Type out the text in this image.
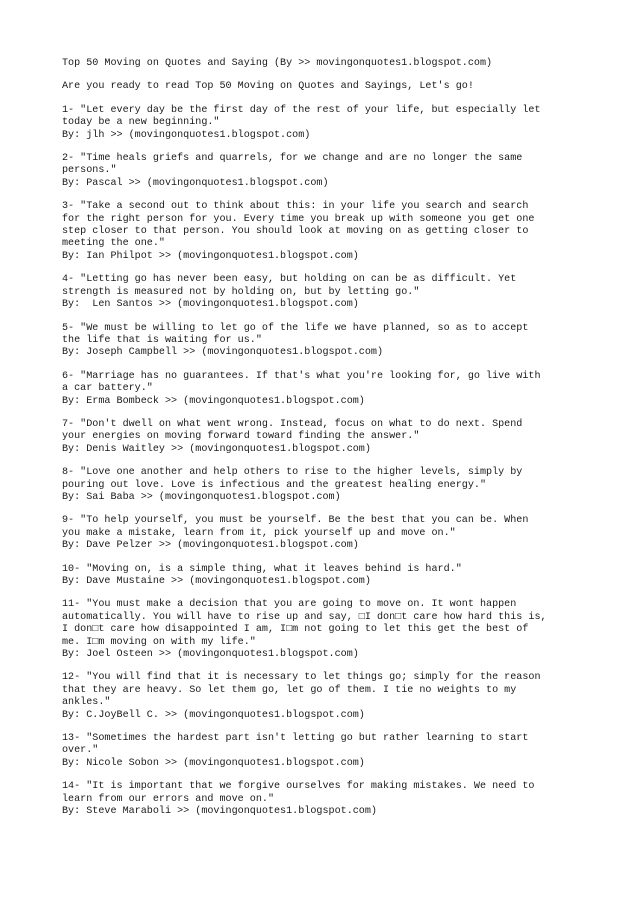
Top 50 Moving on Quotes and Saying (By >> movingonquotes1.blogspot.com)

Are you ready to read Top 50 Moving on Quotes and Sayings, Let's go!

1- "Let every day be the first day of the rest of your life, but especially let
today be a new beginning."
By: jlh >> (movingonquotes1.blogspot.com)
2- "Time heals griefs and quarrels, for we change and are no longer the same
persons."
By: Pascal >> (movingonquotes1.blogspot.com)
3- "Take a second out to think about this: in your life you search and search
for the right person for you. Every time you break up with someone you get one
step closer to that person. You should look at moving on as getting closer to
meeting the one."
By: Ian Philpot >> (movingonquotes1.blogspot.com)
4- "Letting go has never been easy, but holding on can be as difficult. Yet
strength is measured not by holding on, but by letting go."
By:  Len Santos >> (movingonquotes1.blogspot.com)
5- "We must be willing to let go of the life we have planned, so as to accept
the life that is waiting for us."
By: Joseph Campbell >> (movingonquotes1.blogspot.com)
6- "Marriage has no guarantees. If that's what you're looking for, go live with
a car battery."
By: Erma Bombeck >> (movingonquotes1.blogspot.com)
7- "Don't dwell on what went wrong. Instead, focus on what to do next. Spend
your energies on moving forward toward finding the answer."
By: Denis Waitley >> (movingonquotes1.blogspot.com)
8- "Love one another and help others to rise to the higher levels, simply by
pouring out love. Love is infectious and the greatest healing energy."
By: Sai Baba >> (movingonquotes1.blogspot.com)
9- "To help yourself, you must be yourself. Be the best that you can be. When
you make a mistake, learn from it, pick yourself up and move on."
By: Dave Pelzer >> (movingonquotes1.blogspot.com)
10- "Moving on, is a simple thing, what it leaves behind is hard."
By: Dave Mustaine >> (movingonquotes1.blogspot.com)
11- "You must make a decision that you are going to move on. It wont happen
automatically. You will have to rise up and say, □I don□t care how hard this is,
I don□t care how disappointed I am, I□m not going to let this get the best of
me. I□m moving on with my life."
By: Joel Osteen >> (movingonquotes1.blogspot.com)
12- "You will find that it is necessary to let things go; simply for the reason
that they are heavy. So let them go, let go of them. I tie no weights to my
ankles."
By: C.JoyBell C. >> (movingonquotes1.blogspot.com)
13- "Sometimes the hardest part isn't letting go but rather learning to start
over."
By: Nicole Sobon >> (movingonquotes1.blogspot.com)
14- "It is important that we forgive ourselves for making mistakes. We need to
learn from our errors and move on."
By: Steve Maraboli >> (movingonquotes1.blogspot.com)
